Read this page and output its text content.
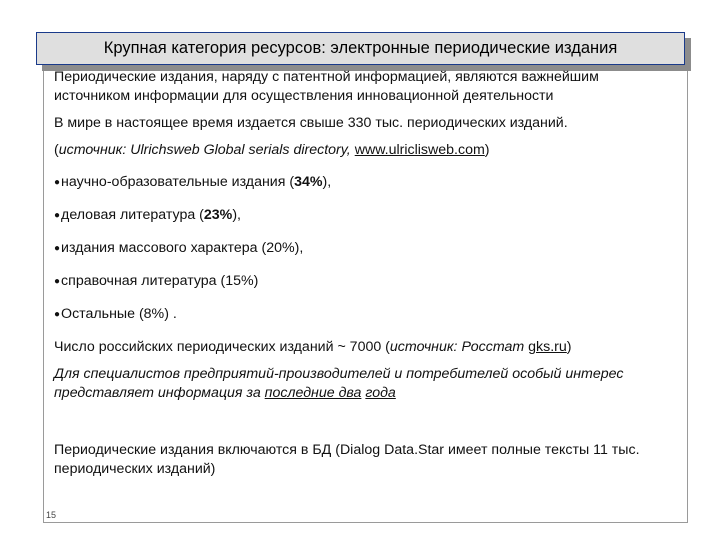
Крупная категория ресурсов: электронные периодические издания

Периодические издания, наряду с патентной информацией, являются важнейшим источником информации для осуществления инновационной деятельности

В мире в настоящее время издается свыше 330 тыс. периодических изданий.

(источник: Ulrichsweb Global serials directory, www.ulriclisweb.com)

● научно-образовательные издания (34%),
● деловая литература (23%),
● издания массового характера (20%),
● справочная литература (15%)
● Остальные (8%) .

Число российских периодических изданий ~ 7000 (источник: Росстат gks.ru)

Для специалистов предприятий-производителей и потребителей особый интерес представляет информация за последние два года

Периодические издания включаются в БД (Dialog Data.Star имеет полные тексты 11 тыс. периодических изданий)

15
